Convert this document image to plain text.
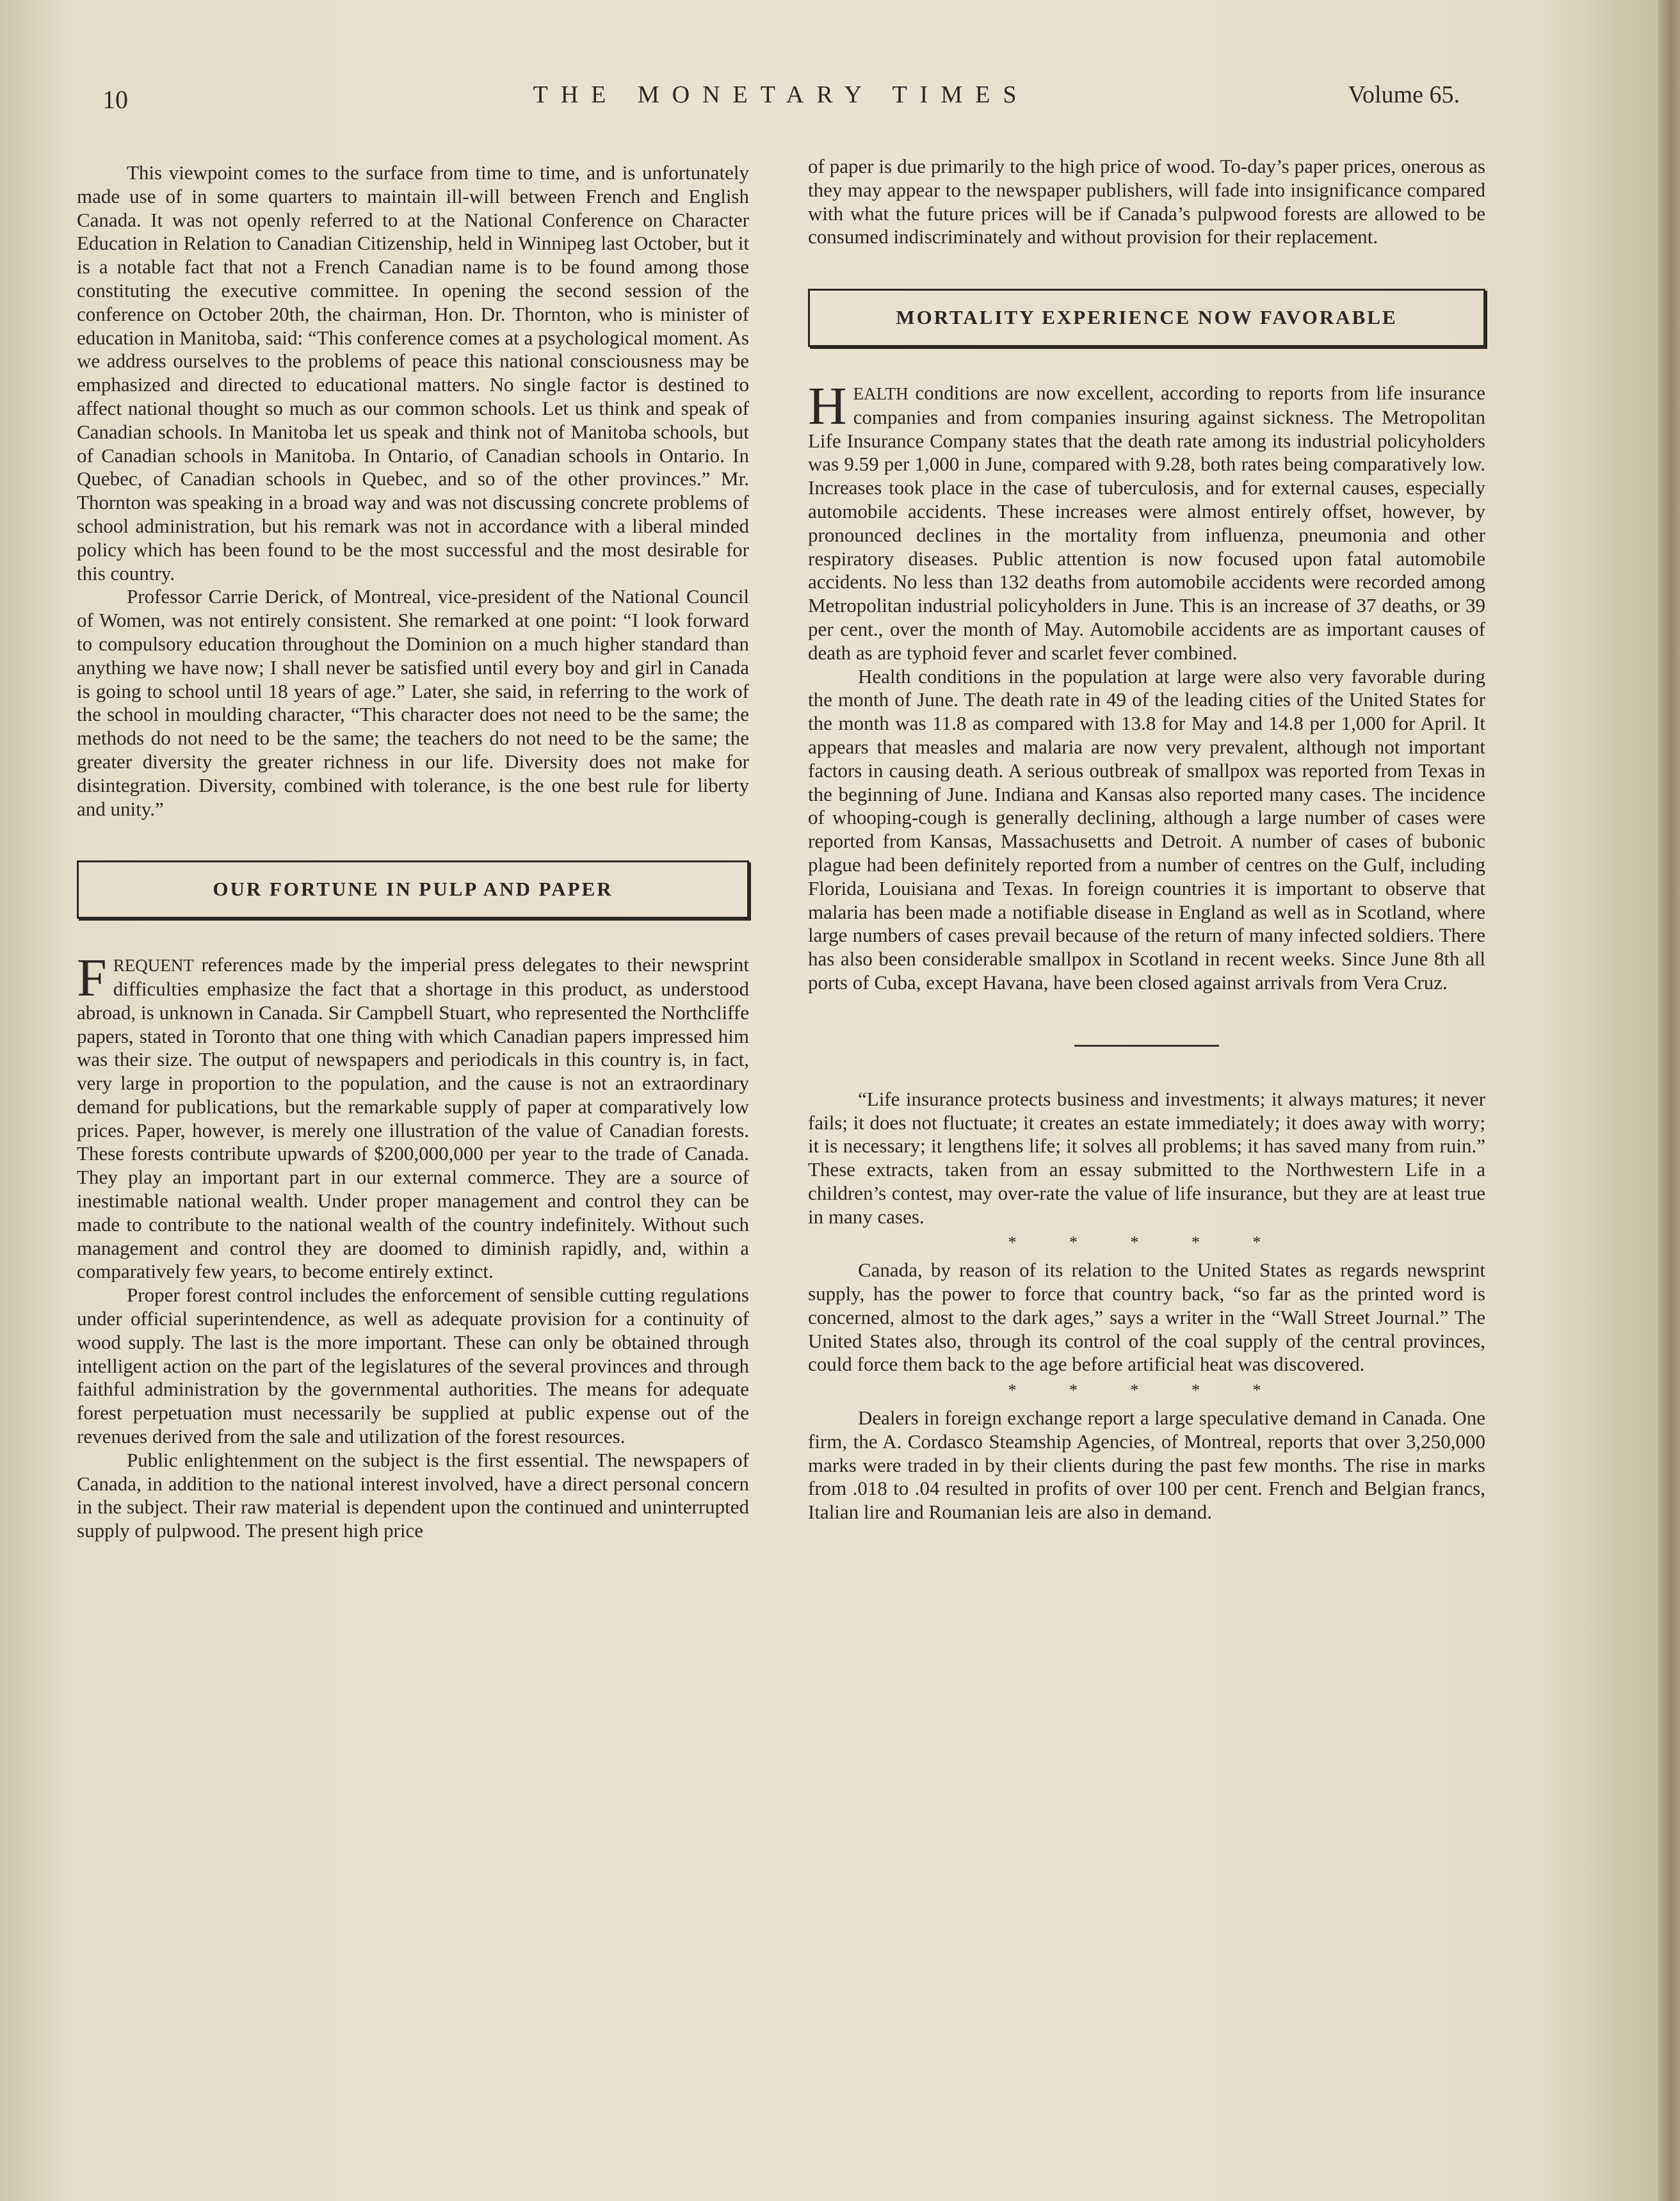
10	THE MONETARY TIMES	Volume 65.

This viewpoint comes to the surface from time to time, and is unfortunately made use of in some quarters to maintain ill-will between French and English Canada. It was not openly referred to at the National Conference on Character Education in Relation to Canadian Citizenship, held in Winnipeg last October, but it is a notable fact that not a French Canadian name is to be found among those constituting the executive committee. In opening the second session of the conference on October 20th, the chairman, Hon. Dr. Thornton, who is minister of education in Manitoba, said: “This conference comes at a psychological moment. As we address ourselves to the problems of peace this national consciousness may be emphasized and directed to educational matters. No single factor is destined to affect national thought so much as our common schools. Let us think and speak of Canadian schools. In Manitoba let us speak and think not of Manitoba schools, but of Canadian schools in Manitoba. In Ontario, of Canadian schools in Ontario. In Quebec, of Canadian schools in Quebec, and so of the other provinces.” Mr. Thornton was speaking in a broad way and was not discussing concrete problems of school administration, but his remark was not in accordance with a liberal minded policy which has been found to be the most successful and the most desirable for this country.

Professor Carrie Derick, of Montreal, vice-president of the National Council of Women, was not entirely consistent. She remarked at one point: “I look forward to compulsory education throughout the Dominion on a much higher standard than anything we have now; I shall never be satisfied until every boy and girl in Canada is going to school until 18 years of age.” Later, she said, in referring to the work of the school in moulding character, “This character does not need to be the same; the methods do not need to be the same; the teachers do not need to be the same; the greater diversity the greater richness in our life. Diversity does not make for disintegration. Diversity, combined with tolerance, is the one best rule for liberty and unity.”

OUR FORTUNE IN PULP AND PAPER

FREQUENT references made by the imperial press delegates to their newsprint difficulties emphasize the fact that a shortage in this product, as understood abroad, is unknown in Canada. Sir Campbell Stuart, who represented the Northcliffe papers, stated in Toronto that one thing with which Canadian papers impressed him was their size. The output of newspapers and periodicals in this country is, in fact, very large in proportion to the population, and the cause is not an extraordinary demand for publications, but the remarkable supply of paper at comparatively low prices. Paper, however, is merely one illustration of the value of Canadian forests. These forests contribute upwards of $200,000,000 per year to the trade of Canada. They play an important part in our external commerce. They are a source of inestimable national wealth. Under proper management and control they can be made to contribute to the national wealth of the country indefinitely. Without such management and control they are doomed to diminish rapidly, and, within a comparatively few years, to become entirely extinct.

Proper forest control includes the enforcement of sensible cutting regulations under official superintendence, as well as adequate provision for a continuity of wood supply. The last is the more important. These can only be obtained through intelligent action on the part of the legislatures of the several provinces and through faithful administration by the governmental authorities. The means for adequate forest perpetuation must necessarily be supplied at public expense out of the revenues derived from the sale and utilization of the forest resources.

Public enlightenment on the subject is the first essential. The newspapers of Canada, in addition to the national interest involved, have a direct personal concern in the subject. Their raw material is dependent upon the continued and uninterrupted supply of pulpwood. The present high price

of paper is due primarily to the high price of wood. To-day’s paper prices, onerous as they may appear to the newspaper publishers, will fade into insignificance compared with what the future prices will be if Canada’s pulpwood forests are allowed to be consumed indiscriminately and without provision for their replacement.

MORTALITY EXPERIENCE NOW FAVORABLE

HEALTH conditions are now excellent, according to reports from life insurance companies and from companies insuring against sickness. The Metropolitan Life Insurance Company states that the death rate among its industrial policyholders was 9.59 per 1,000 in June, compared with 9.28, both rates being comparatively low. Increases took place in the case of tuberculosis, and for external causes, especially automobile accidents. These increases were almost entirely offset, however, by pronounced declines in the mortality from influenza, pneumonia and other respiratory diseases. Public attention is now focused upon fatal automobile accidents. No less than 132 deaths from automobile accidents were recorded among Metropolitan industrial policyholders in June. This is an increase of 37 deaths, or 39 per cent., over the month of May. Automobile accidents are as important causes of death as are typhoid fever and scarlet fever combined.

Health conditions in the population at large were also very favorable during the month of June. The death rate in 49 of the leading cities of the United States for the month was 11.8 as compared with 13.8 for May and 14.8 per 1,000 for April. It appears that measles and malaria are now very prevalent, although not important factors in causing death. A serious outbreak of smallpox was reported from Texas in the beginning of June. Indiana and Kansas also reported many cases. The incidence of whooping-cough is generally declining, although a large number of cases were reported from Kansas, Massachusetts and Detroit. A number of cases of bubonic plague had been definitely reported from a number of centres on the Gulf, including Florida, Louisiana and Texas. In foreign countries it is important to observe that malaria has been made a notifiable disease in England as well as in Scotland, where large numbers of cases prevail because of the return of many infected soldiers. There has also been considerable smallpox in Scotland in recent weeks. Since June 8th all ports of Cuba, except Havana, have been closed against arrivals from Vera Cruz.

“Life insurance protects business and investments; it always matures; it never fails; it does not fluctuate; it creates an estate immediately; it does away with worry; it is necessary; it lengthens life; it solves all problems; it has saved many from ruin.” These extracts, taken from an essay submitted to the Northwestern Life in a children’s contest, may over-rate the value of life insurance, but they are at least true in many cases.

* * * * *

Canada, by reason of its relation to the United States as regards newsprint supply, has the power to force that country back, “so far as the printed word is concerned, almost to the dark ages,” says a writer in the “Wall Street Journal.” The United States also, through its control of the coal supply of the central provinces, could force them back to the age before artificial heat was discovered.

* * * * *

Dealers in foreign exchange report a large speculative demand in Canada. One firm, the A. Cordasco Steamship Agencies, of Montreal, reports that over 3,250,000 marks were traded in by their clients during the past few months. The rise in marks from .018 to .04 resulted in profits of over 100 per cent. French and Belgian francs, Italian lire and Roumanian leis are also in demand.
